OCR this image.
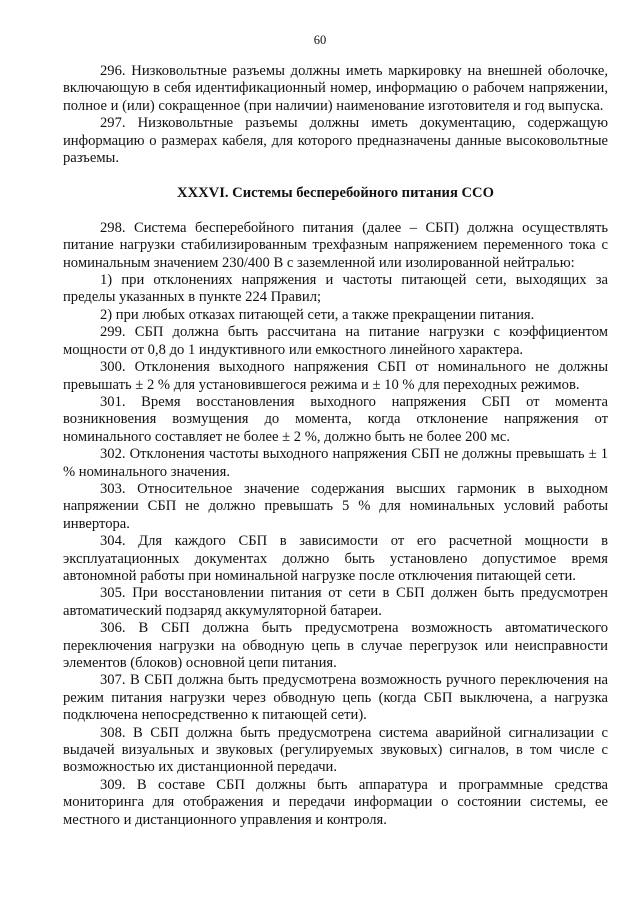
60

296. Низковольтные разъемы должны иметь маркировку на внешней оболочке, включающую в себя идентификационный номер, информацию о рабочем напряжении, полное и (или) сокращенное (при наличии) наименование изготовителя и год выпуска.

297. Низковольтные разъемы должны иметь документацию, содержащую информацию о размерах кабеля, для которого предназначены данные высоковольтные разъемы.

XXXVI. Системы бесперебойного питания ССО

298. Система бесперебойного питания (далее – СБП) должна осуществлять питание нагрузки стабилизированным трехфазным напряжением переменного тока с номинальным значением 230/400 В с заземленной или изолированной нейтралью:

1) при отклонениях напряжения и частоты питающей сети, выходящих за пределы указанных в пункте 224 Правил;

2) при любых отказах питающей сети, а также прекращении питания.

299. СБП должна быть рассчитана на питание нагрузки с коэффициентом мощности от 0,8 до 1 индуктивного или емкостного линейного характера.

300. Отклонения выходного напряжения СБП от номинального не должны превышать ± 2 % для установившегося режима и ± 10 % для переходных режимов.

301. Время восстановления выходного напряжения СБП от момента возникновения возмущения до момента, когда отклонение напряжения от номинального составляет не более ± 2 %, должно быть не более 200 мс.

302. Отклонения частоты выходного напряжения СБП не должны превышать ± 1 % номинального значения.

303. Относительное значение содержания высших гармоник в выходном напряжении СБП не должно превышать 5 % для номинальных условий работы инвертора.

304. Для каждого СБП в зависимости от его расчетной мощности в эксплуатационных документах должно быть установлено допустимое время автономной работы при номинальной нагрузке после отключения питающей сети.

305. При восстановлении питания от сети в СБП должен быть предусмотрен автоматический подзаряд аккумуляторной батареи.

306. В СБП должна быть предусмотрена возможность автоматического переключения нагрузки на обводную цепь в случае перегрузок или неисправности элементов (блоков) основной цепи питания.

307. В СБП должна быть предусмотрена возможность ручного переключения на режим питания нагрузки через обводную цепь (когда СБП выключена, а нагрузка подключена непосредственно к питающей сети).

308. В СБП должна быть предусмотрена система аварийной сигнализации с выдачей визуальных и звуковых (регулируемых звуковых) сигналов, в том числе с возможностью их дистанционной передачи.

309. В составе СБП должны быть аппаратура и программные средства мониторинга для отображения и передачи информации о состоянии системы, ее местного и дистанционного управления и контроля.
